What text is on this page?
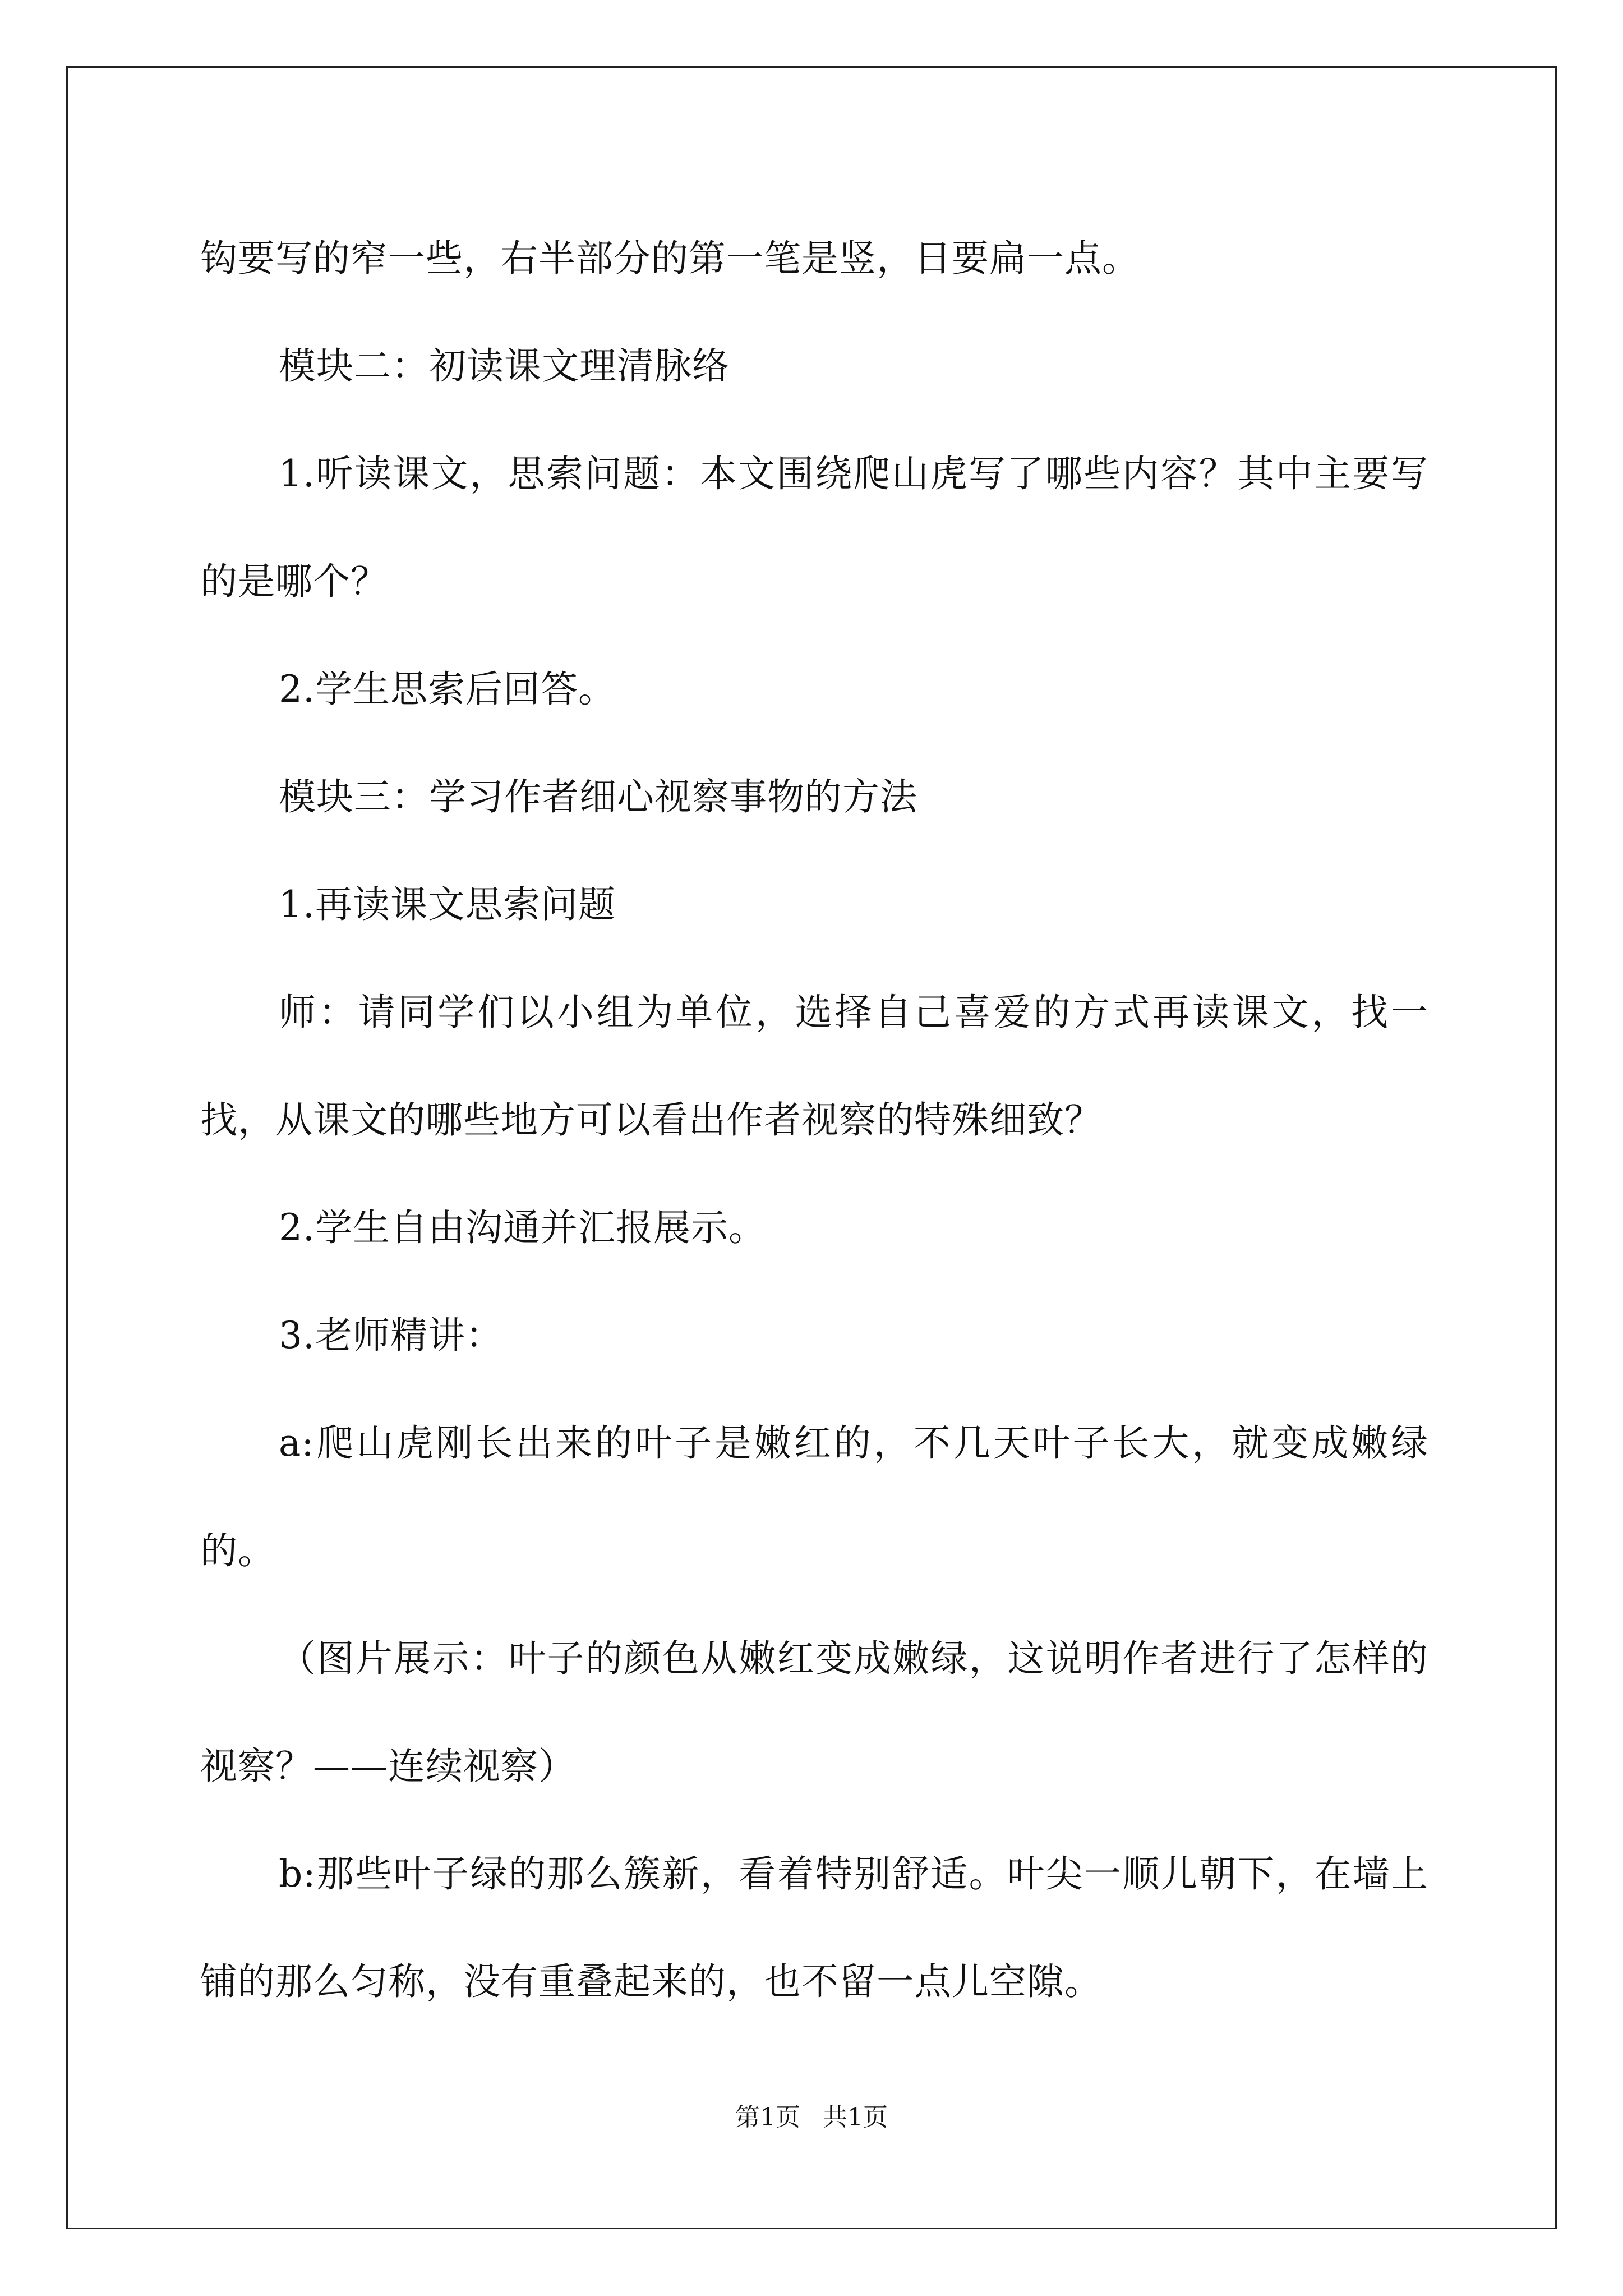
钩要写的窄一些，右半部分的第一笔是竖，日要扁一点。

模块二：初读课文理清脉络

1.听读课文，思索问题：本文围绕爬山虎写了哪些内容？其中主要写的是哪个？

2.学生思索后回答。

模块三：学习作者细心视察事物的方法

1.再读课文思索问题

师：请同学们以小组为单位，选择自己喜爱的方式再读课文，找一找，从课文的哪些地方可以看出作者视察的特殊细致？

2.学生自由沟通并汇报展示。

3.老师精讲：

a:爬山虎刚长出来的叶子是嫩红的，不几天叶子长大，就变成嫩绿的。

（图片展示：叶子的颜色从嫩红变成嫩绿，这说明作者进行了怎样的视察？——连续视察）

b:那些叶子绿的那么簇新，看着特别舒适。叶尖一顺儿朝下，在墙上铺的那么匀称，没有重叠起来的，也不留一点儿空隙。

第1页 共1页
